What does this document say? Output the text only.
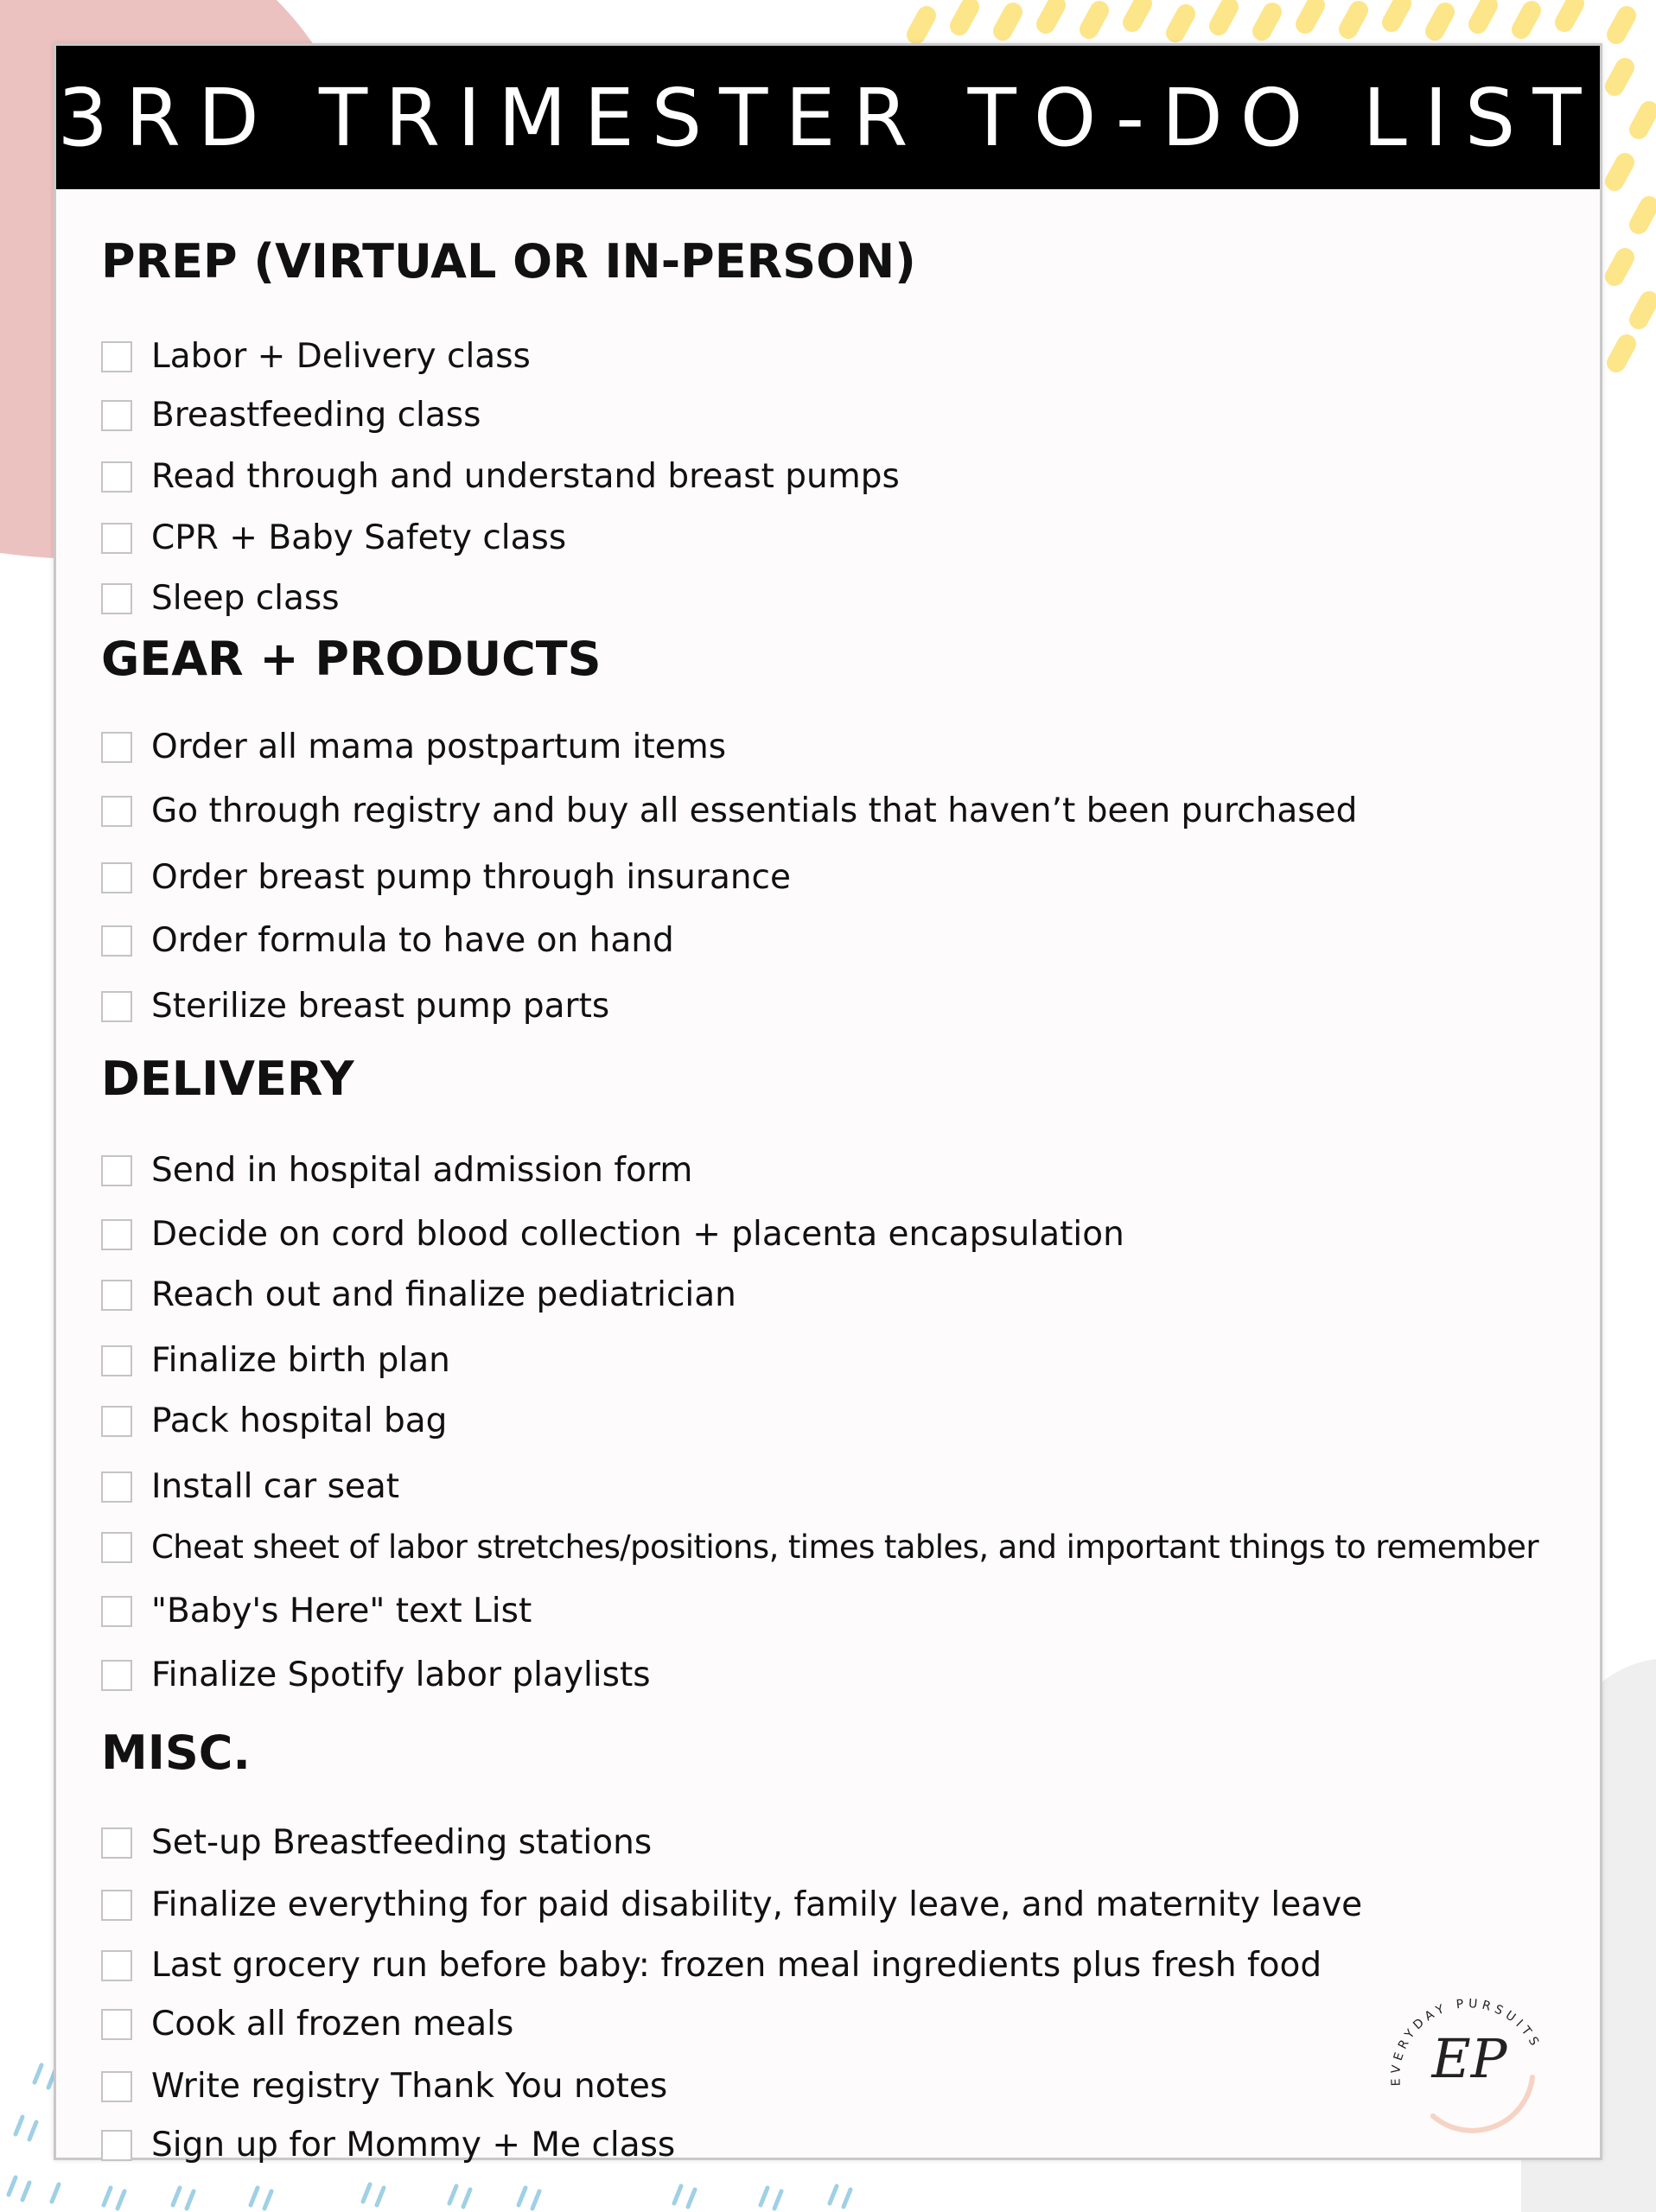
3RD TRIMESTER TO-DO LIST
PREP (VIRTUAL OR IN-PERSON)
Labor + Delivery class
Breastfeeding class
Read through and understand breast pumps
CPR + Baby Safety class
Sleep class
GEAR + PRODUCTS
Order all mama postpartum items
Go through registry and buy all essentials that haven’t been purchased
Order breast pump through insurance
Order formula to have on hand
Sterilize breast pump parts
DELIVERY
Send in hospital admission form
Decide on cord blood collection + placenta encapsulation
Reach out and finalize pediatrician
Finalize birth plan
Pack hospital bag
Install car seat
Cheat sheet of labor stretches/positions, times tables, and important things to remember
"Baby's Here" text List
Finalize Spotify labor playlists
MISC.
Set-up Breastfeeding stations
Finalize everything for paid disability, family leave, and maternity leave
Last grocery run before baby: frozen meal ingredients plus fresh food
Cook all frozen meals
Write registry Thank You notes
Sign up for Mommy + Me class
EVERYDAY PURSUITS
EP
